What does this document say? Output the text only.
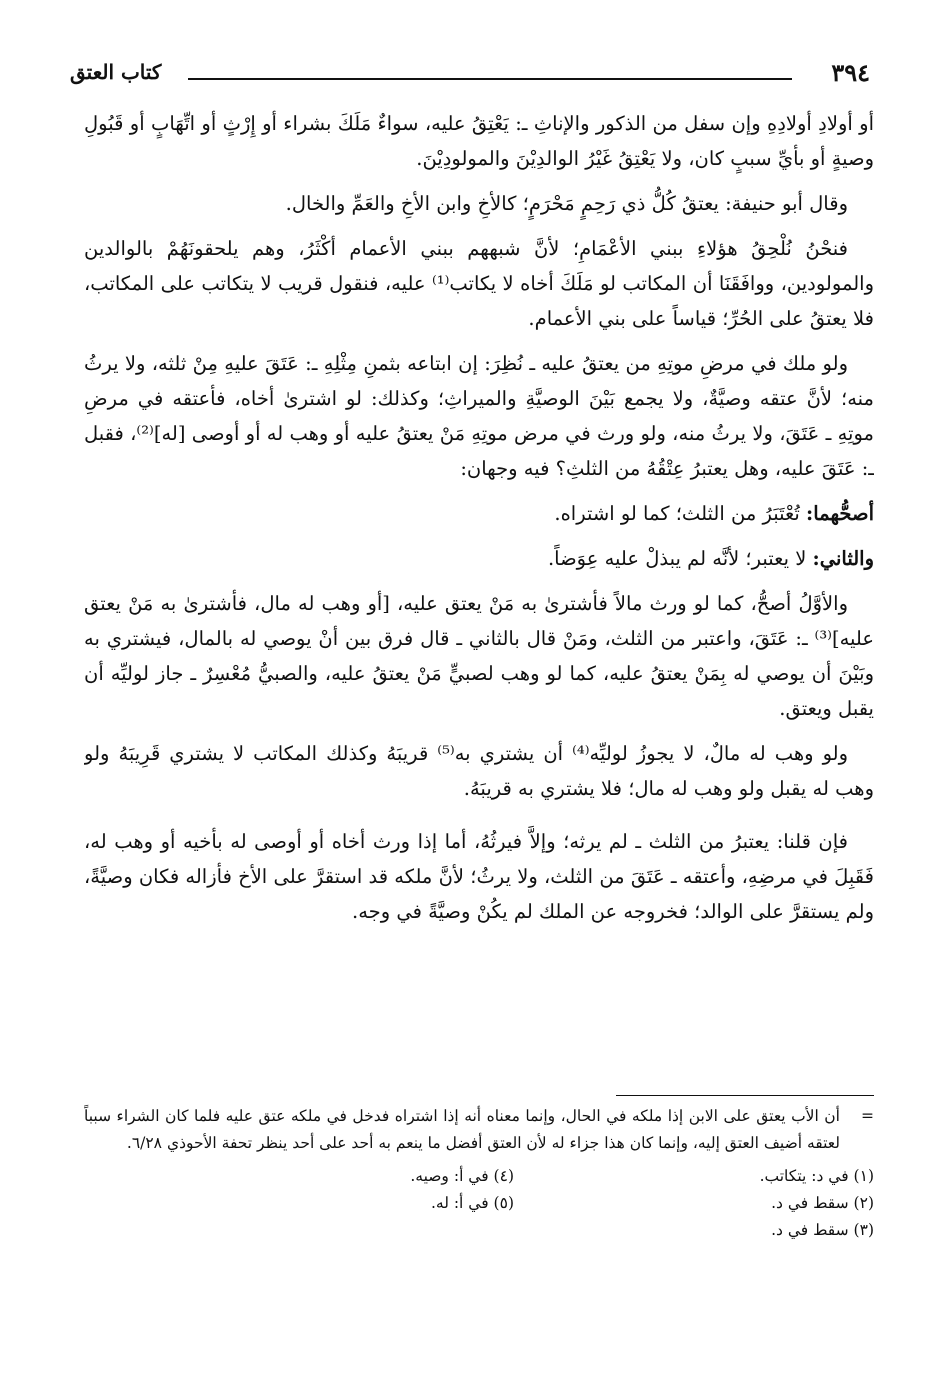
٣٩٤
كتاب العتق

أو أولادِ أولادِهِ وإن سفل من الذكور والإناثِ ـ: يَعْتِقُ عليه، سواءٌ مَلَكَ بشراء أو إِرْثٍ أو اتِّهَابٍ أو قَبُولِ وصيةٍ أو بأيِّ سببٍ كان، ولا يَعْتِقُ غَيْرُ الوالدِيْنَ والمولودِيْنَ.

وقال أبو حنيفة: يعتقُ كُلُّ ذي رَحِمٍ مَحْرَمٍ؛ كالأخِ وابن الأخِ والعَمِّ والخال.

فنحْنُ نُلْحِقُ هؤلاءِ ببني الأعْمَامِ؛ لأنَّ شبههم ببني الأعمام أكْثَرُ، وهم يلحقونَهُمْ بالوالدين والمولودين، ووافَقَنَا أن المكاتب لو مَلَكَ أخاه لا يكاتب⁽¹⁾ عليه، فنقول قريب لا يتكاتب على المكاتب، فلا يعتقُ على الحُرِّ؛ قياساً على بني الأعمام.

ولو ملك في مرضِ موتِهِ من يعتقُ عليه ـ نُظِرَ: إن ابتاعه بثمنِ مِثْلِهِ ـ: عَتَقَ عليهِ مِنْ ثلثه، ولا يرثُ منه؛ لأنَّ عتقه وصيَّةٌ، ولا يجمع بَيْنَ الوصيَّةِ والميراثِ؛ وكذلك: لو اشترىٰ أخاه، فأعتقه في مرضِ موتِهِ ـ عَتَقَ، ولا يرثُ منه، ولو ورث في مرض موتِهِ مَنْ يعتقُ عليه أو وهب له أو أوصى [له]⁽²⁾، فقبل ـ: عَتَقَ عليه، وهل يعتبرُ عِتْقُهُ من الثلثِ؟ فيه وجهان:

أصحُّهما: تُعْتَبَرُ من الثلث؛ كما لو اشتراه.

والثاني: لا يعتبر؛ لأنَّه لم يبذلْ عليه عِوَضاً.

والأوَّلُ أصحُّ، كما لو ورث مالاً فأشترىٰ به مَنْ يعتق عليه، [أو وهب له مال، فأشترىٰ به مَنْ يعتق عليه]⁽³⁾ ـ: عَتَقَ، واعتبر من الثلث، ومَنْ قال بالثاني ـ قال فرق بين أنْ يوصي له بالمال، فيشتري به وبَيْنَ أن يوصي له بِمَنْ يعتقُ عليه، كما لو وهب لصبيٍّ مَنْ يعتقُ عليه، والصبيُّ مُعْسِرٌ ـ جاز لوليِّه أن يقبل ويعتق.

ولو وهب له مالٌ، لا يجوزُ لوليِّه⁽⁴⁾ أن يشتري به⁽⁵⁾ قريبَهُ وكذلك المكاتب لا يشتري قَرِيبَهُ ولو وهب له يقبل ولو وهب له مال؛ فلا يشتري به قريبَهُ.

فإن قلنا: يعتبرُ من الثلث ـ لم يرثه؛ وإلاَّ فيرثُهُ، أما إذا ورث أخاه أو أوصى له بأخيه أو وهب له، فَقَبِلَ في مرضِهِ، وأعتقه ـ عَتَقَ من الثلث، ولا يرثُ؛ لأنَّ ملكه قد استقرَّ على الأخ فأزاله فكان وصيَّةً، ولم يستقرَّ على الوالد؛ فخروجه عن الملك لم يكُنْ وصيَّةً في وجه.

=
أن الأب يعتق على الابن إذا ملكه في الحال، وإنما معناه أنه إذا اشتراه فدخل في ملكه عتق عليه فلما كان الشراء سبباً لعتقه أضيف العتق إليه، وإنما كان هذا جزاء له لأن العتق أفضل ما ينعم به أحد على أحد ينظر تحفة الأحوذي ٦/٢٨.
(١) في د: يتكاتب.
(٢) سقط في د.
(٣) سقط في د.
(٤) في أ: وصيه.
(٥) في أ: له.
